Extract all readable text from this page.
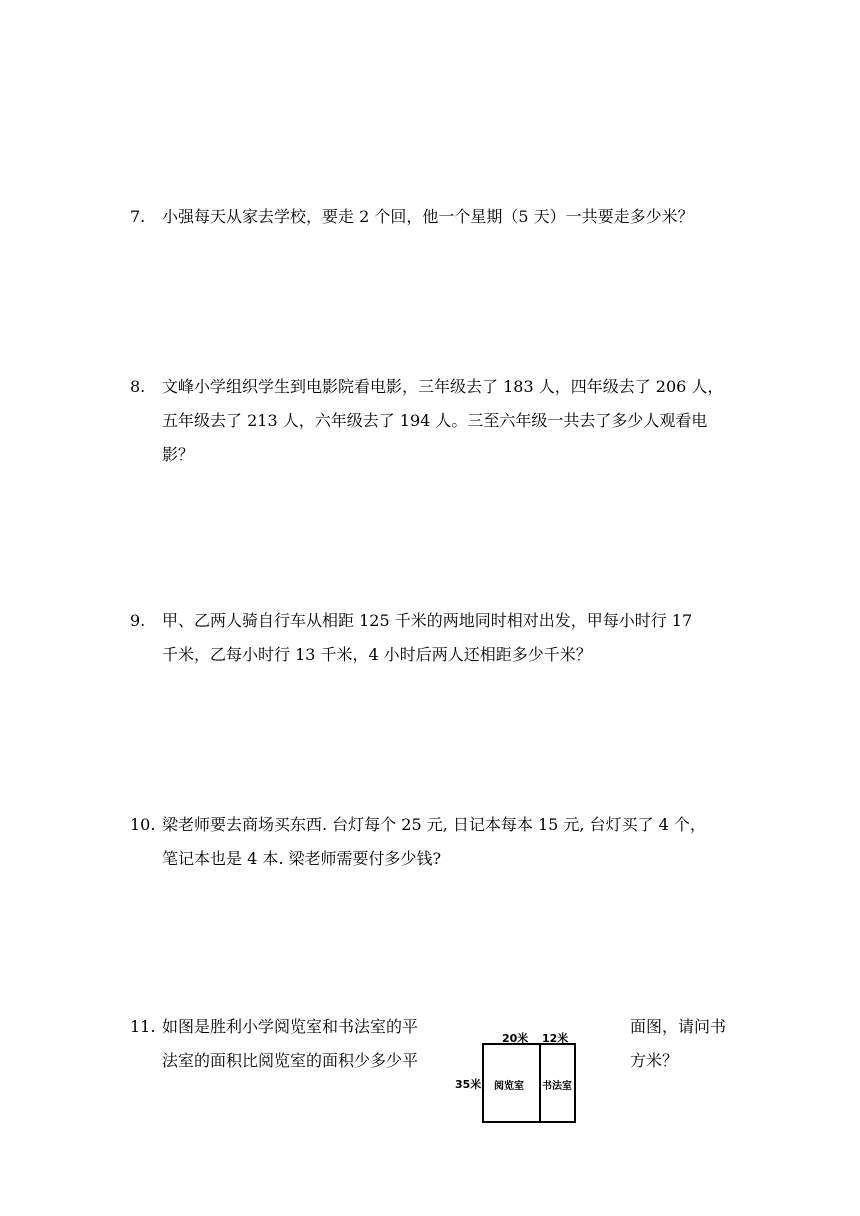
7. 小强每天从家去学校，要走 2 个回，他一个星期（5 天）一共要走多少米？
8. 文峰小学组织学生到电影院看电影，三年级去了 183 人，四年级去了 206 人，
五年级去了 213 人，六年级去了 194 人。三至六年级一共去了多少人观看电
影？
9. 甲、乙两人骑自行车从相距 125 千米的两地同时相对出发，甲每小时行 17
千米，乙每小时行 13 千米，4 小时后两人还相距多少千米？
10. 梁老师要去商场买东西. 台灯每个 25 元, 日记本每本 15 元, 台灯买了 4 个，
笔记本也是 4 本. 梁老师需要付多少钱?
11. 如图是胜利小学阅览室和书法室的平	面图，请问书
法室的面积比阅览室的面积少多少平	方米？
20米 12米
35米 阅览室 书法室
